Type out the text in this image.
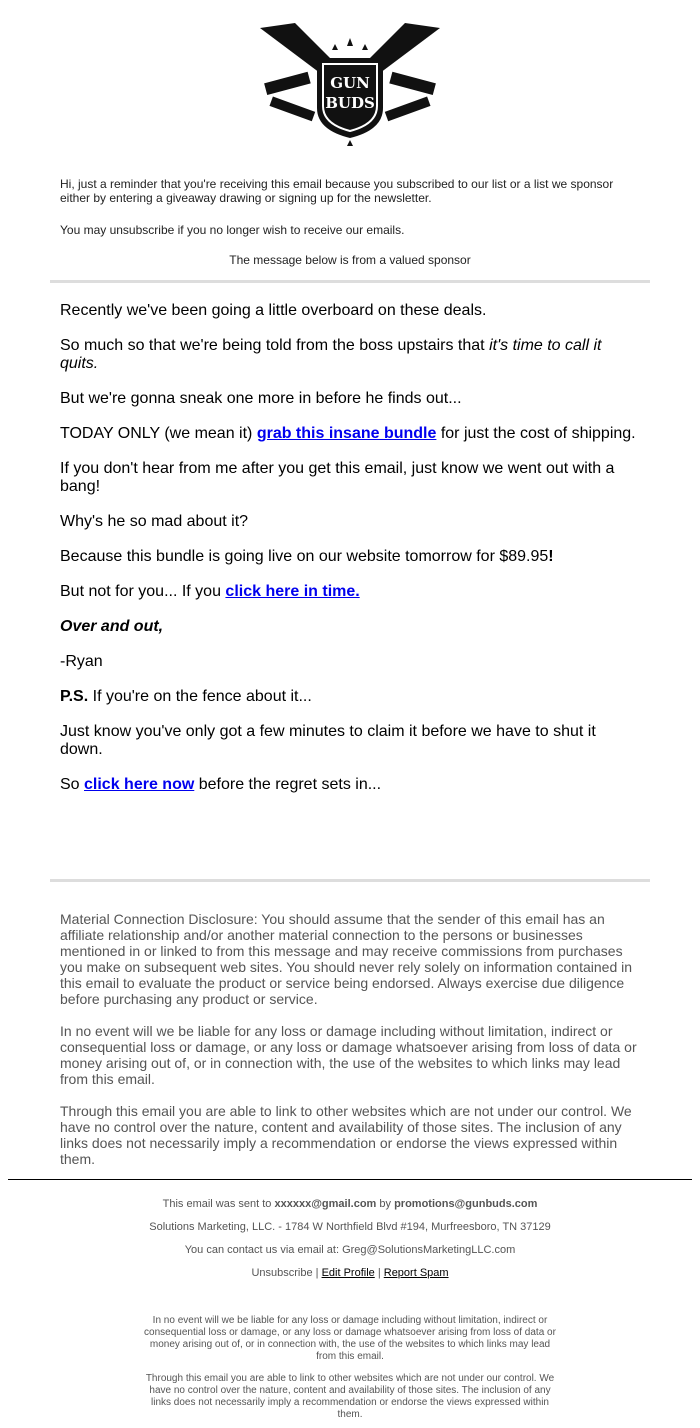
GUN
BUDS

Hi, just a reminder that you're receiving this email because you subscribed to our list or a list we sponsor either by entering a giveaway drawing or signing up for the newsletter.

You may unsubscribe if you no longer wish to receive our emails.

The message below is from a valued sponsor

Recently we've been going a little overboard on these deals.

So much so that we're being told from the boss upstairs that it's time to call it quits.

But we're gonna sneak one more in before he finds out...

TODAY ONLY (we mean it) grab this insane bundle for just the cost of shipping.

If you don't hear from me after you get this email, just know we went out with a bang!

Why's he so mad about it?

Because this bundle is going live on our website tomorrow for $89.95!

But not for you... If you click here in time.

Over and out,

-Ryan

P.S. If you're on the fence about it...

Just know you've only got a few minutes to claim it before we have to shut it down.

So click here now before the regret sets in...

Material Connection Disclosure: You should assume that the sender of this email has an affiliate relationship and/or another material connection to the persons or businesses mentioned in or linked to from this message and may receive commissions from purchases you make on subsequent web sites. You should never rely solely on information contained in this email to evaluate the product or service being endorsed. Always exercise due diligence before purchasing any product or service.

In no event will we be liable for any loss or damage including without limitation, indirect or consequential loss or damage, or any loss or damage whatsoever arising from loss of data or money arising out of, or in connection with, the use of the websites to which links may lead from this email.

Through this email you are able to link to other websites which are not under our control. We have no control over the nature, content and availability of those sites. The inclusion of any links does not necessarily imply a recommendation or endorse the views expressed within them.

This email was sent to xxxxxx@gmail.com by promotions@gunbuds.com

Solutions Marketing, LLC. - 1784 W Northfield Blvd #194, Murfreesboro, TN 37129

You can contact us via email at: Greg@SolutionsMarketingLLC.com

Unsubscribe | Edit Profile | Report Spam

In no event will we be liable for any loss or damage including without limitation, indirect or consequential loss or damage, or any loss or damage whatsoever arising from loss of data or money arising out of, or in connection with, the use of the websites to which links may lead from this email.

Through this email you are able to link to other websites which are not under our control. We have no control over the nature, content and availability of those sites. The inclusion of any links does not necessarily imply a recommendation or endorse the views expressed within them.
